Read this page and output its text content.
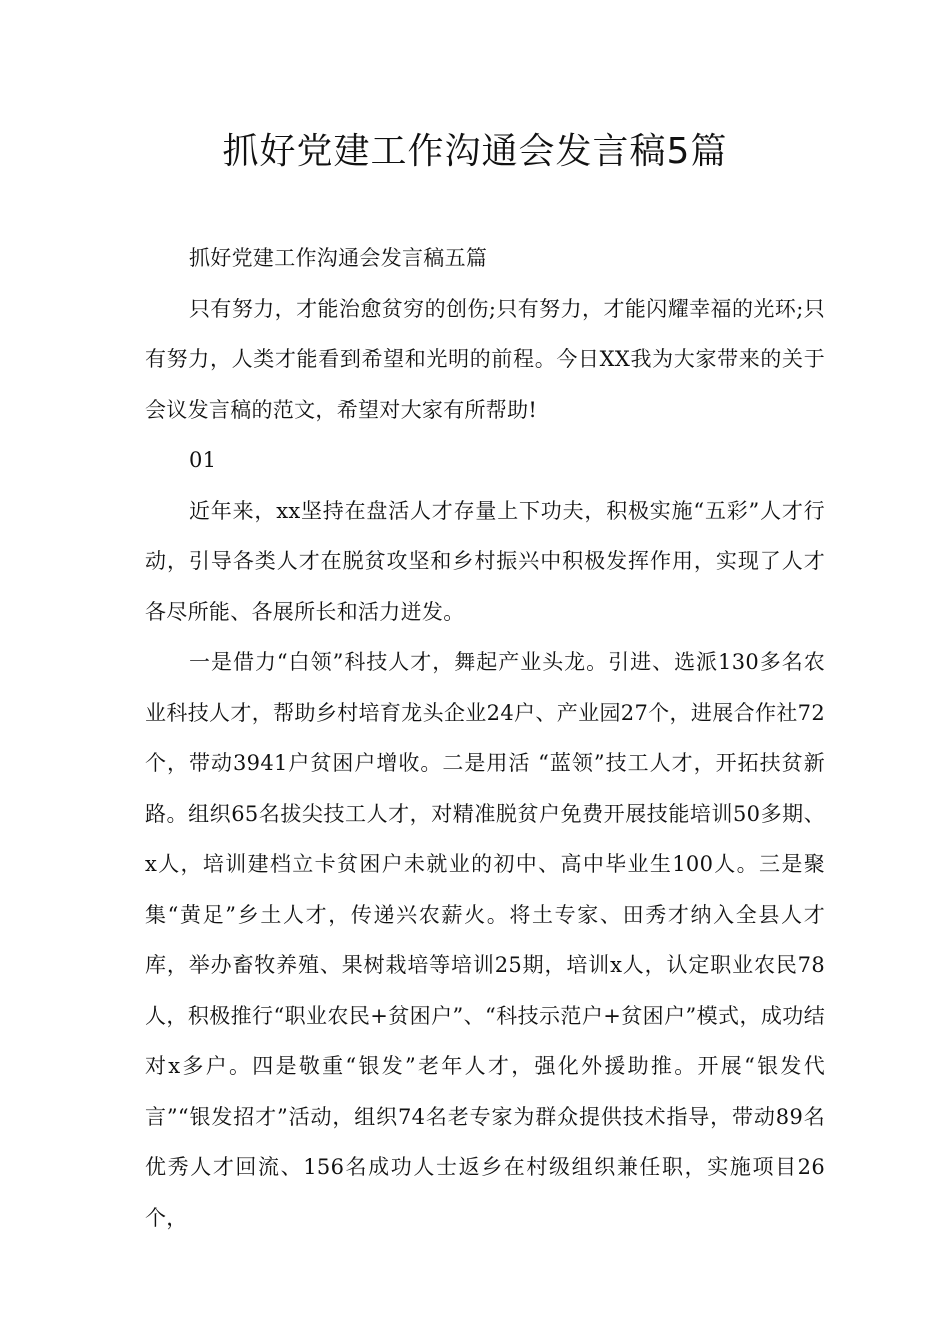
抓好党建工作沟通会发言稿5篇

抓好党建工作沟通会发言稿五篇

只有努力，才能治愈贫穷的创伤;只有努力，才能闪耀幸福的光环;只有努力，人类才能看到希望和光明的前程。今日XX我为大家带来的关于会议发言稿的范文，希望对大家有所帮助!

01

近年来，xx坚持在盘活人才存量上下功夫，积极实施“五彩”人才行动，引导各类人才在脱贫攻坚和乡村振兴中积极发挥作用，实现了人才各尽所能、各展所长和活力迸发。

一是借力“白领”科技人才，舞起产业头龙。引进、选派130多名农业科技人才，帮助乡村培育龙头企业24户、产业园27个，进展合作社72个，带动3941户贫困户增收。二是用活 “蓝领”技工人才，开拓扶贫新路。组织65名拔尖技工人才，对精准脱贫户免费开展技能培训50多期、x人，培训建档立卡贫困户未就业的初中、高中毕业生100人。三是聚集“黄足”乡土人才，传递兴农薪火。将土专家、田秀才纳入全县人才库，举办畜牧养殖、果树栽培等培训25期，培训x人，认定职业农民78人，积极推行“职业农民+贫困户”、“科技示范户+贫困户”模式，成功结对x多户。四是敬重“银发”老年人才，强化外援助推。开展“银发代言”“银发招才”活动，组织74名老专家为群众提供技术指导，带动89名优秀人才回流、156名成功人士返乡在村级组织兼任职，实施项目26个，
